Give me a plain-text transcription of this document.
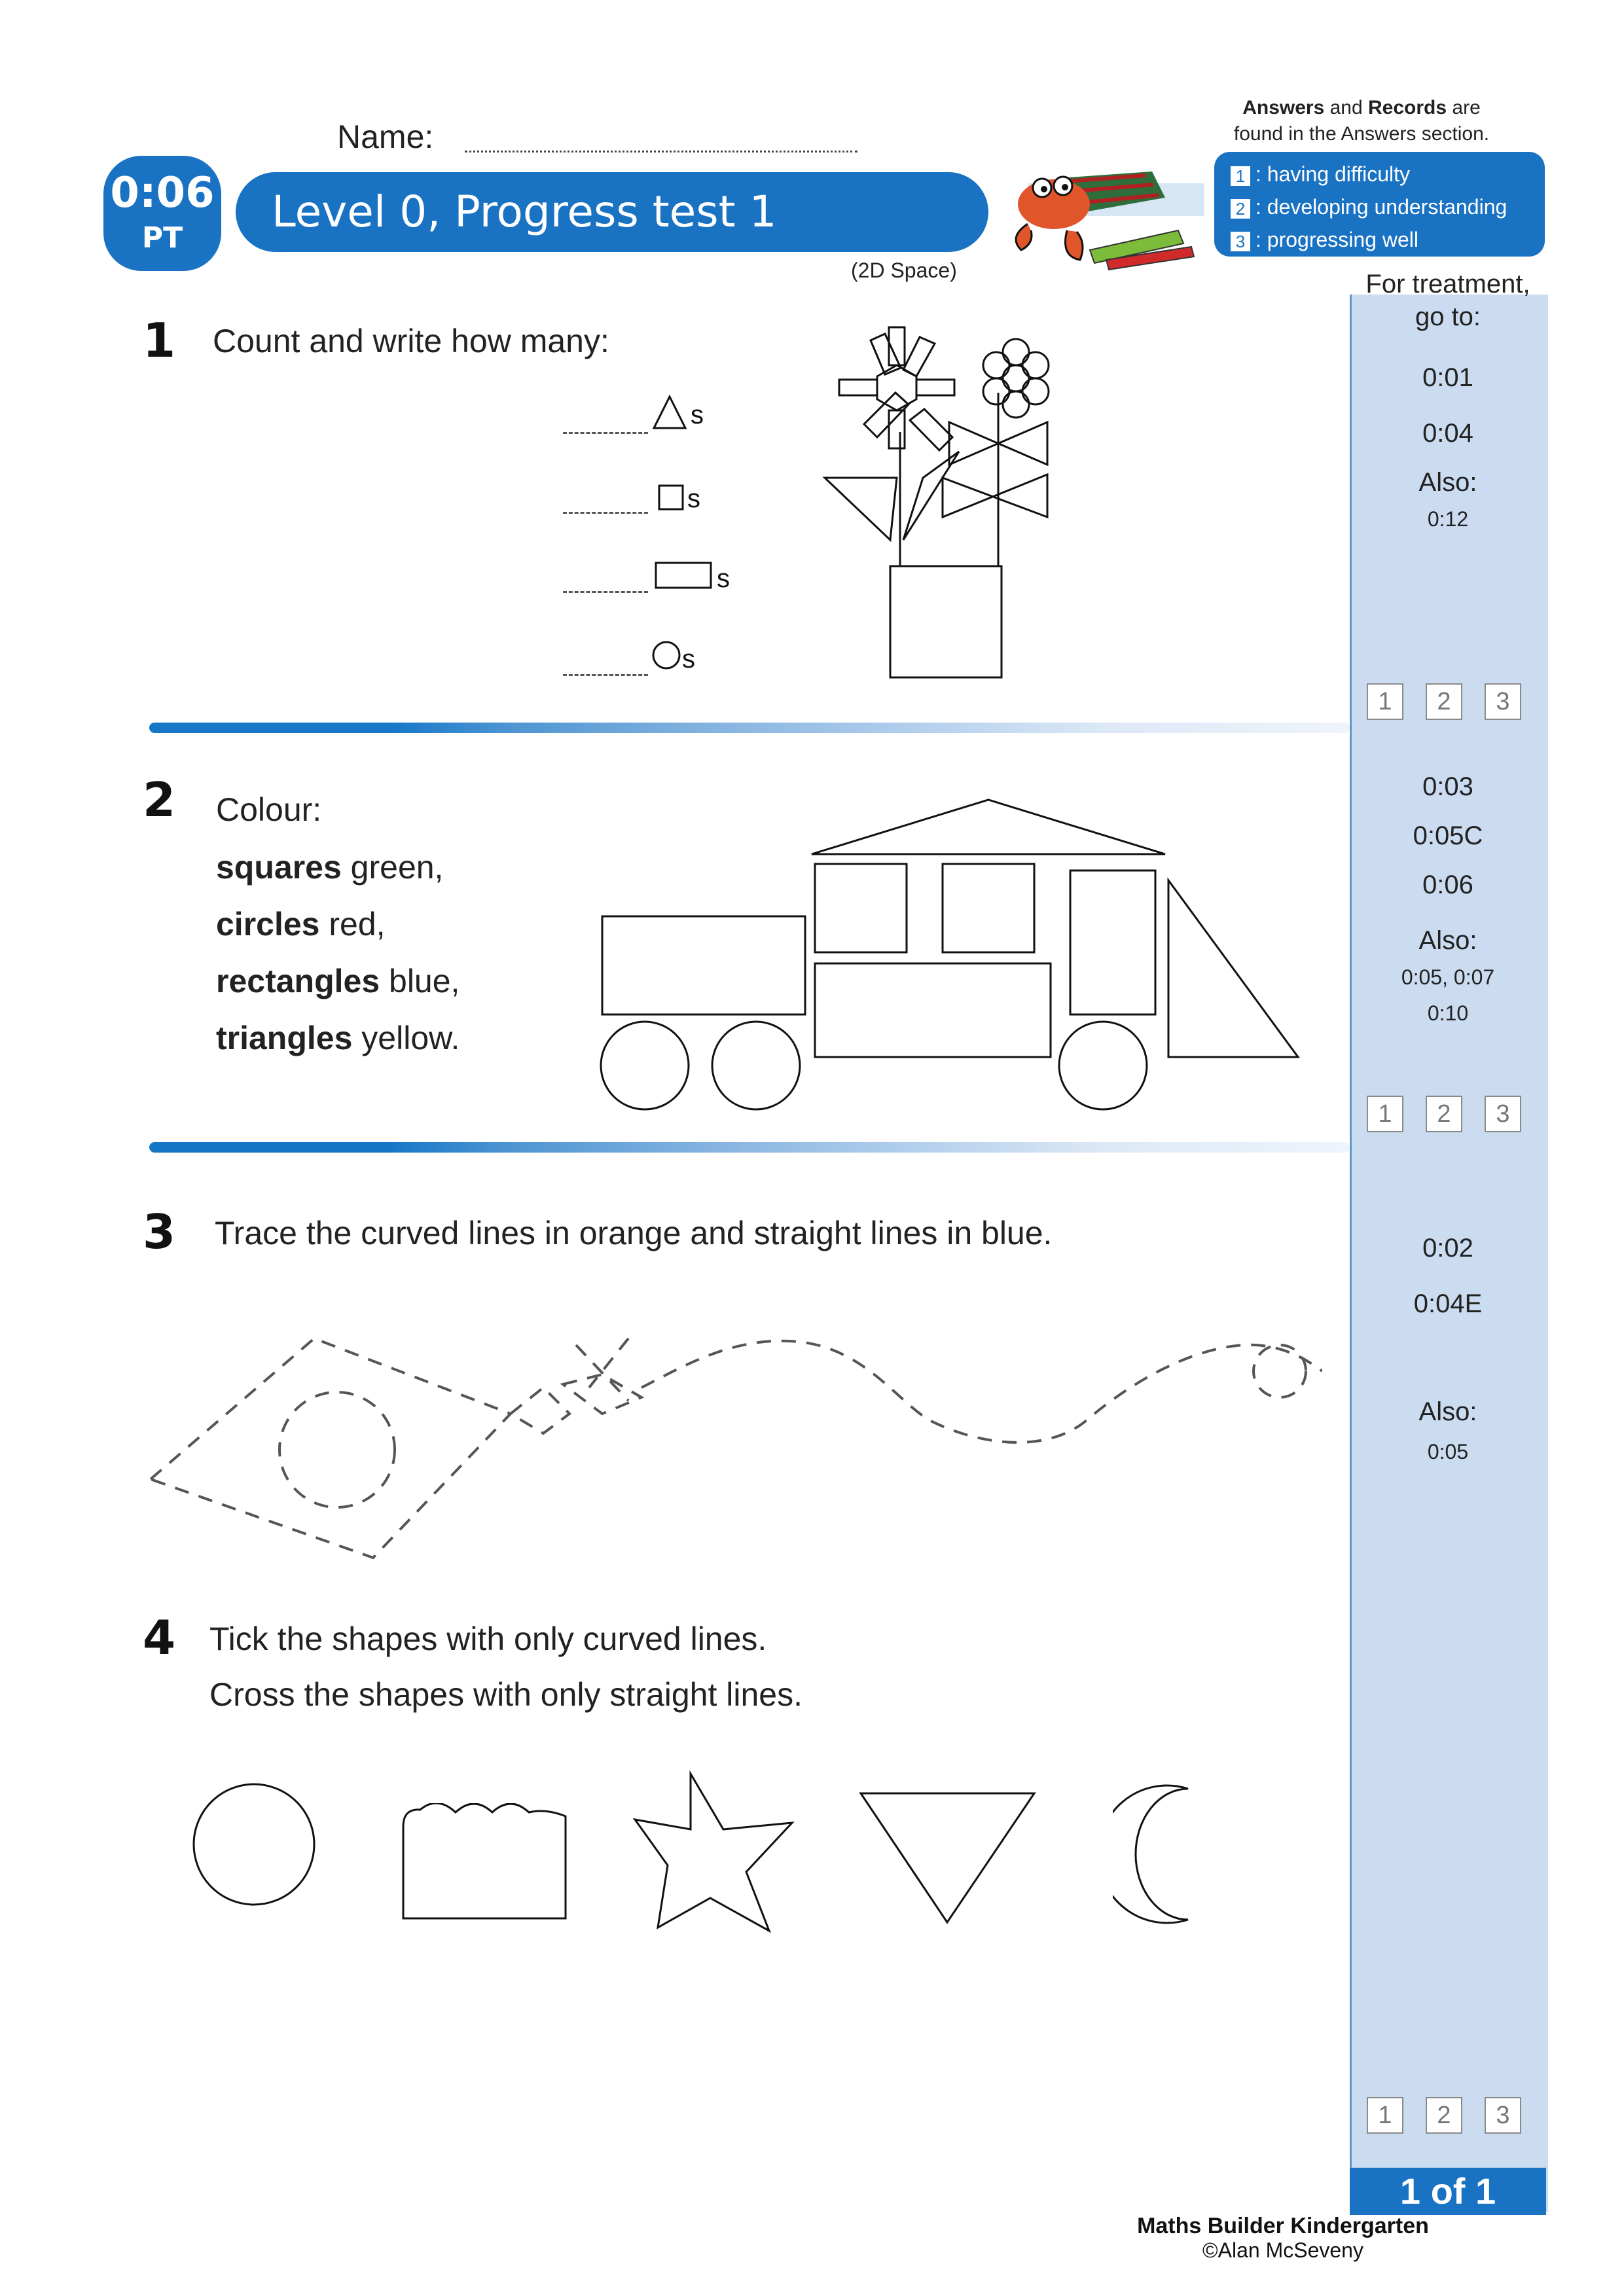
Name:
0:06
PT
Level 0, Progress test 1
(2D Space)
Answers and Records are
found in the Answers section.
1 : having difficulty
2 : developing understanding
3 : progressing well
For treatment,
go to:
0:01
0:04
Also:
0:12
0:03
0:05C
0:06
Also:
0:05, 0:07
0:10
0:02
0:04E
Also:
0:05
1	2	3
1	2	3
1	2	3
1 of 1
Maths Builder Kindergarten
©Alan McSeveny
1 Count and write how many:
s
s
s
s
2 Colour:
squares green,
circles red,
rectangles blue,
triangles yellow.
3 Trace the curved lines in orange and straight lines in blue.
4 Tick the shapes with only curved lines.
Cross the shapes with only straight lines.
